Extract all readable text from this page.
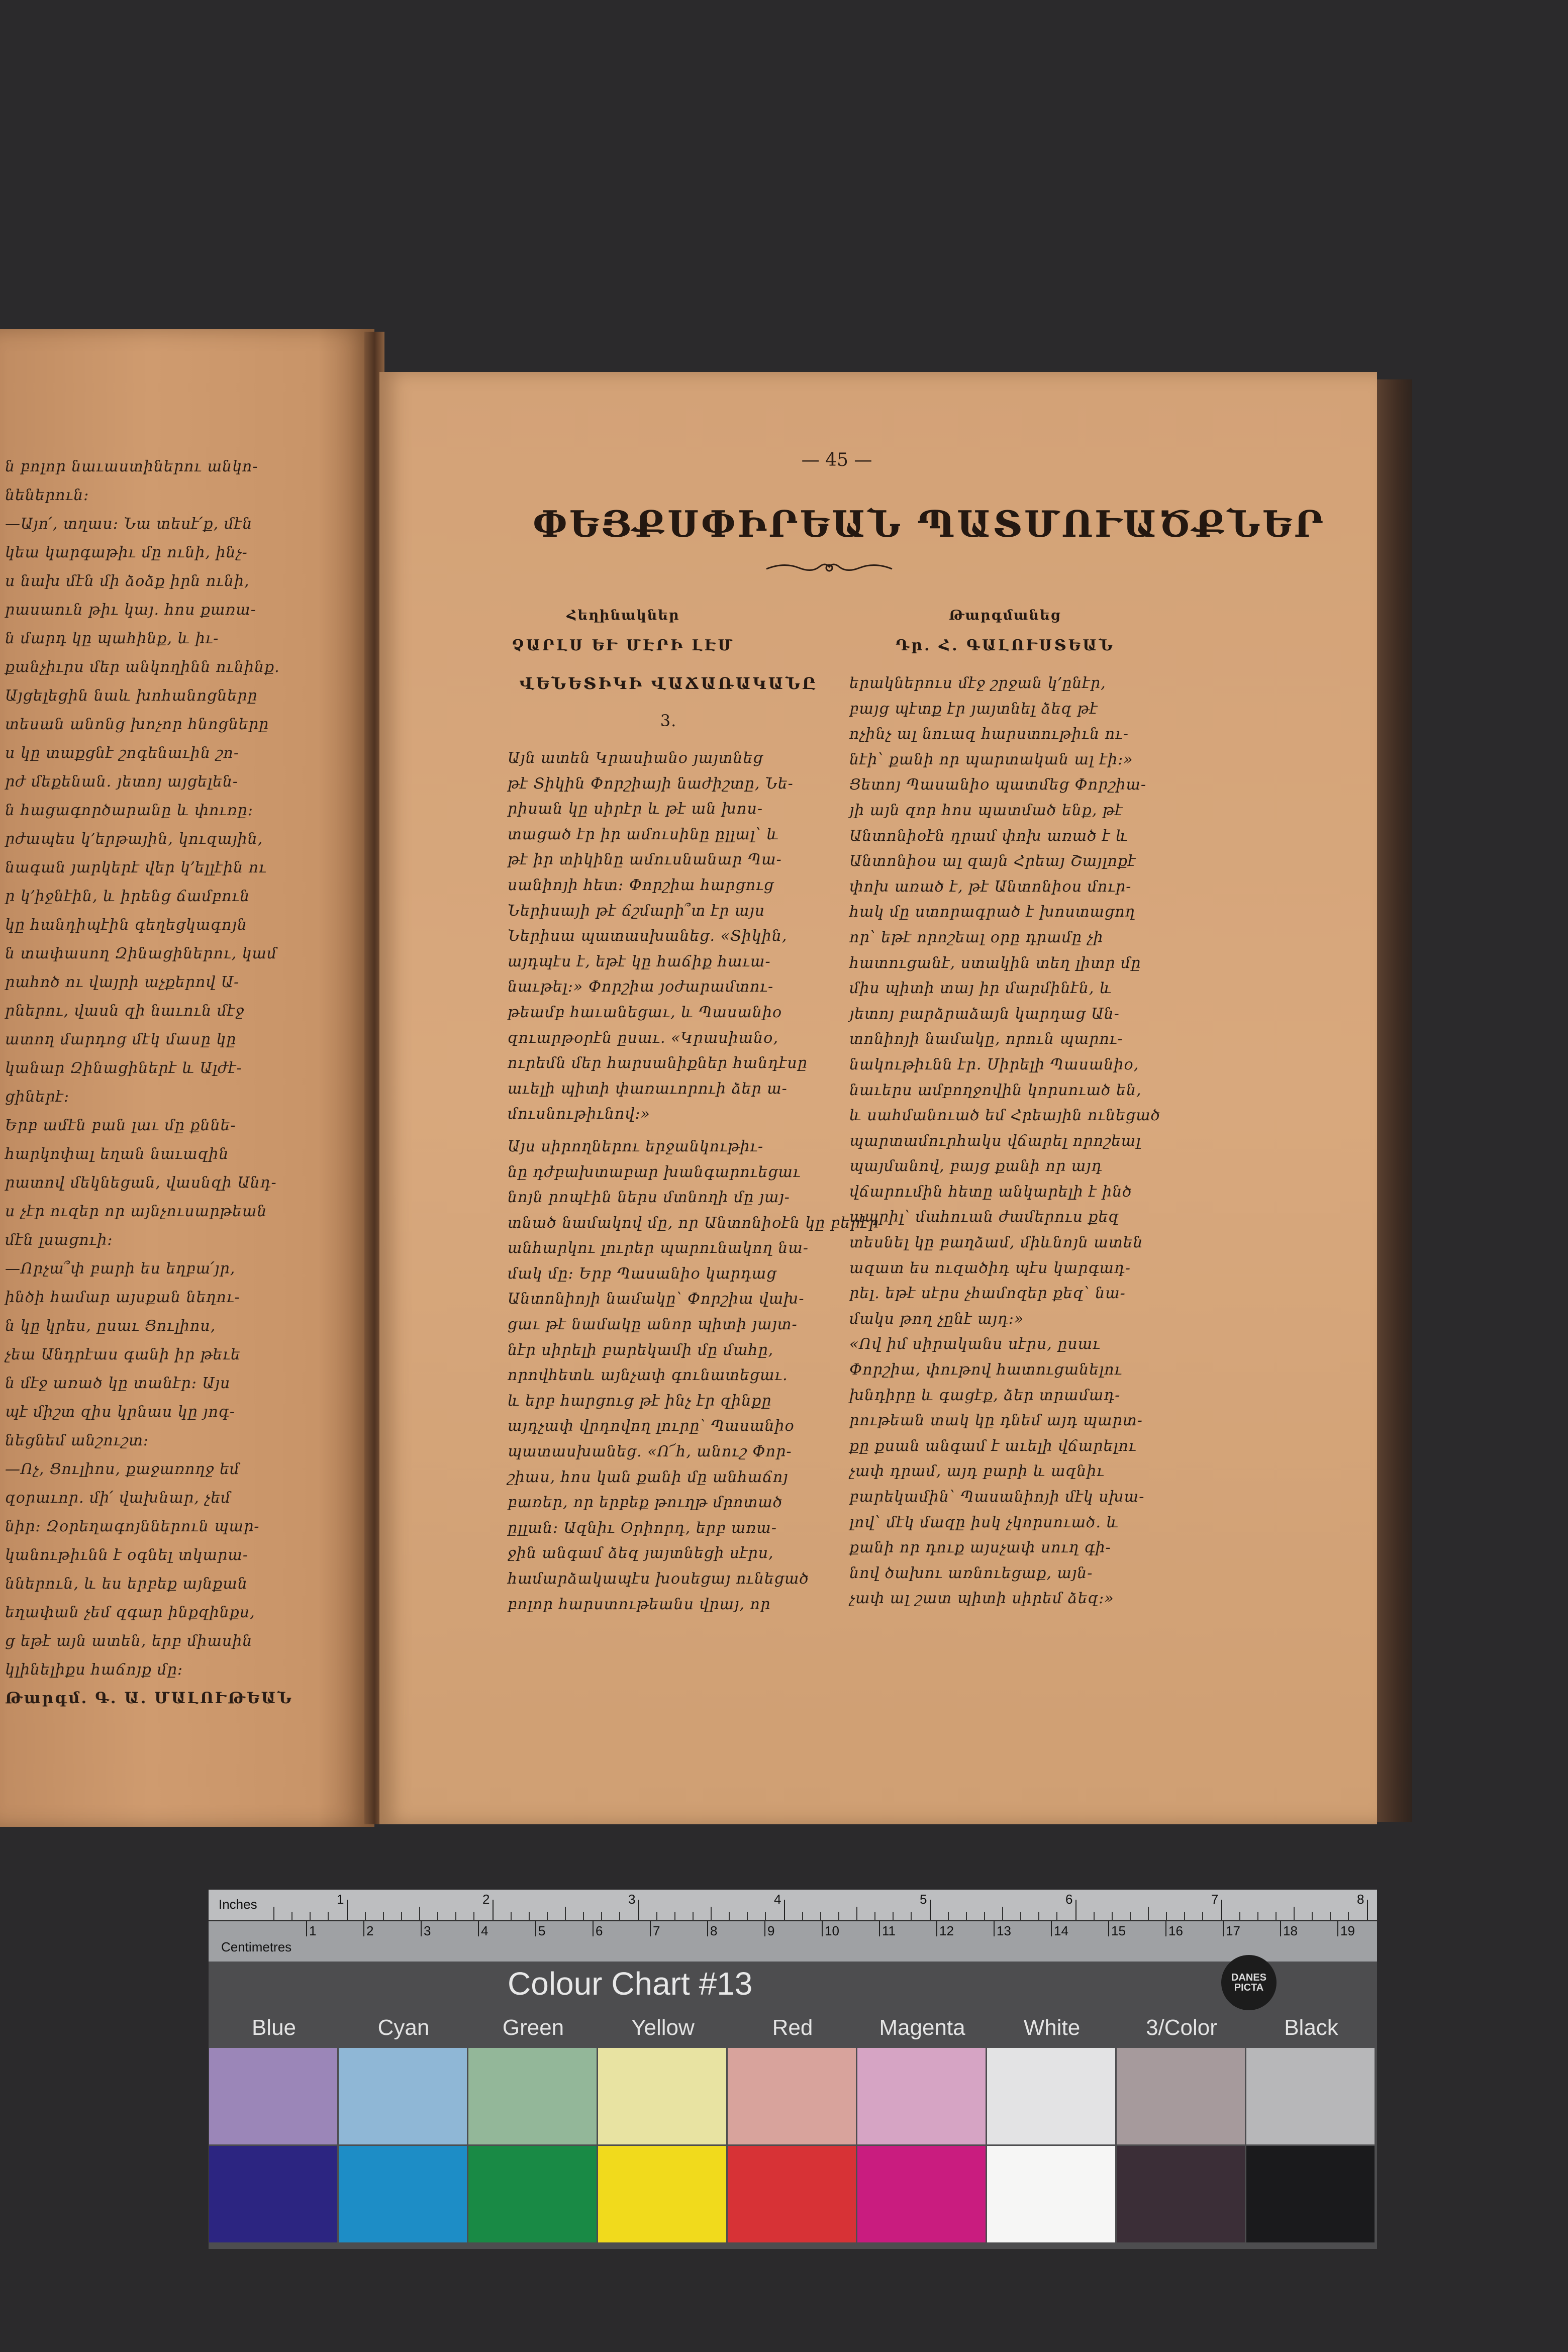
ն բոլոր նաւաստիներու անկո-

նեներուն։

—Այո՛, տղաս։ Նա տեսէ՛ք, մէն

կեա կարգաթիւ մը ունի, ինչ-

ս նախ մէն մի ձօձք իրն ունի,

րասաուն թիւ կայ. հոս քառա-

ն մարդ կը պահինք, և իւ-

քանչիւրս մեր անկողինն ունինք.

Այցելեցին նաև խոհանոցները

տեսան անոնց խոչոր հնոցները

ս կը տաքցնէ շոգենաւին շո-

րժ մեքենան. յետոյ այցելեն-

ն հացագործարանը և փուռը։

րժապես կ՚երթային, կուզային,

նագան յարկերէ վեր կ՚ելլէին ու

ր կ՚իջնէին, և իրենց ճամբուն

կը հանդիպէին գեղեցկագոյն

ն տափասող Զինացիներու, կամ

րահոծ ու վայրի աչքերով Ա-

րներու, վասն զի նաւուն մէջ

ատող մարդոց մէկ մասը կը

կանար Զինացիներէ և Ալժէ-

ցիներէ։

Երբ ամէն բան լաւ մը քննե-

հարկոփալ եղան նաւազին

րատով մեկնեցան, վասնզի Անդ-

ս չէր ուզեր որ այնչուսարթեան

մէն լսացուի։

—Որչա՞փ բարի ես եղբա՛յր,

ինծի համար այսքան նեղու-

ն կը կրես, ըսաւ Ցուլիոս,

չեա Անդրէաս գանի իր թեւե

ն մէջ առած կը տանէր։ Այս

պէ միշտ զիս կրնաս կը յոգ-

նեցնեմ անշուշտ։

—Ոչ, Ցուլիոս, քաջառողջ եմ

զօրաւոր. մի՛ վախնար, չեմ

նիր։ Զօրեղագոյններուն պար-

կանութիւնն է օգնել տկարա-

ններուն, և ես երբեք այնքան

եղափան չեմ զգար ինքզինքս,

ց եթէ այն ատեն, երբ միասին

կլինելիքս հաճոյք մը։

Թարգմ. Գ. Ա. ՄԱԼՈՒԹԵԱՆ

— 45 —
ՓԵՅՔՍՓԻՐԵԱՆ ՊԱՏՄՈՒԱԾՔՆԵՐ
Հեղինակներ
ՉԱՐԼՍ ԵՒ ՄԷՐԻ ԼԷՄ
Թարգմանեց
Դր. Հ. ԳԱԼՈՒՍՏԵԱՆ

ՎԵՆԵՏԻԿԻ ՎԱՃԱՌԱԿԱՆԸ

3.

Այն ատեն Կրասիանօ յայտնեց

թէ Տիկին Փորշիայի նաժիշտը, Նե-

րիսան կը սիրէր և թէ ան խոս-

տացած էր իր ամուսինը ըլլալ՝ և

թէ իր տիկինը ամուսնանար Պա-

սանիոյի հետ։ Փորշիա հարցուց

Ներիսայի թէ ճշմարի՞տ էր այս

Ներիսա պատասխանեց. «Տիկին,

այդպէս է, եթէ կը հաճիք հաւա-

նաւթել։» Փորշիա յօժարամտու-

թեամբ հաւանեցաւ, և Պասանիօ

զուարթօրէն ըսաւ. «Կրասիանօ,

ուրեմն մեր հարսանիքներ հանդէսը

աւելի պիտի փառաւորուի ձեր ա-

մուսնութիւնով։»

Այս սիրողներու երջանկութիւ-

նը դժբախտաբար խանգարուեցաւ

նոյն րոպէին ներս մտնողի մը յայ-

տնած նամակով մը, որ Անտոնիօէն կը բերէր

անհարկու լուրեր պարունակող նա-

մակ մը։ Երբ Պասանիօ կարդաց

Անտոնիոյի նամակը՝ Փորշիա վախ-

ցաւ թէ նամակը անոր պիտի յայտ-

նէր սիրելի բարեկամի մը մահը,

որովհետև այնչափ գունատեցաւ.

և երբ հարցուց թէ ինչ էր զինքը

այդչափ վրդովող լուրը՝ Պասանիօ

պատասխանեց. «Ո՜հ, անուշ Փոր-

շիաս, հոս կան քանի մը անհաճոյ

բառեր, որ երբեք թուղթ մրոտած

ըլլան։ Ազնիւ Օրիորդ, երբ առա-

ջին անգամ ձեզ յայտնեցի սէրս,

համարձակապէս խօսեցայ ունեցած

բոլոր հարստութեանս վրայ, որ

երակներուս մէջ շրջան կ՚ընէր,

բայց պէտք էր յայտնել ձեզ թէ

ոչինչ ալ նուազ հարստութիւն ու-

նէի՝ քանի որ պարտական ալ էի։»

Ցետոյ Պասանիօ պատմեց Փորշիա-

յի այն զոր հոս պատմած ենք, թէ

Անտոնիօէն դրամ փոխ առած է և

Անտոնիօս ալ զայն Հրեայ Շայլոքէ

փոխ առած է, թէ Անտոնիօս մուր-

հակ մը ստորագրած է խոստացող

որ՝ եթէ որոշեալ օրը դրամը չի

հատուցանէ, ստակին տեղ լիտր մը

միս պիտի տայ իր մարմինէն, և

յետոյ բարձրաձայն կարդաց Ան-

տոնիոյի նամակը, որուն պարու-

նակութիւնն էր. Սիրելի Պասանիօ,

նաւերս ամբողջովին կորսուած են,

և սահմանուած եմ Հրեային ունեցած

պարտամուրհակս վճարել որոշեալ

պայմանով, բայց քանի որ այդ

վճարումին հետը անկարելի է ինծ

ապրիլ՝ մահուան ժամերուս քեզ

տեսնել կը բաղձամ, միևնոյն ատեն

ազատ ես ուզածիդ պէս կարգադ-

րել. եթէ սէրս չհամոզեր քեզ՝ նա-

մակս թող չընէ այդ։»

«Ով իմ սիրականս սէրս, ըսաւ

Փորշիա, փութով հատուցանելու

խնդիրը և գացէք, ձեր տրամադ-

րութեան տակ կը դնեմ այդ պարտ-

քը քսան անգամ է աւելի վճարելու

չափ դրամ, այդ բարի և ազնիւ

բարեկամին՝ Պասանիոյի մէկ սխա-

լով՝ մէկ մազը իսկ չկորսուած. և

քանի որ դուք այսչափ սուղ գի-

նով ծախու առնուեցաք, այն-

չափ ալ շատ պիտի սիրեմ ձեզ։»

Inches	1	2	3	4	5	6	7	8
Centimetres
1	2	3	4	5	6	7	8	9	10	11	12	13	14	15	16	17	18	19
Colour Chart #13	DANES PICTA
Blue	Cyan	Green	Yellow	Red	Magenta	White	3/Color	Black
